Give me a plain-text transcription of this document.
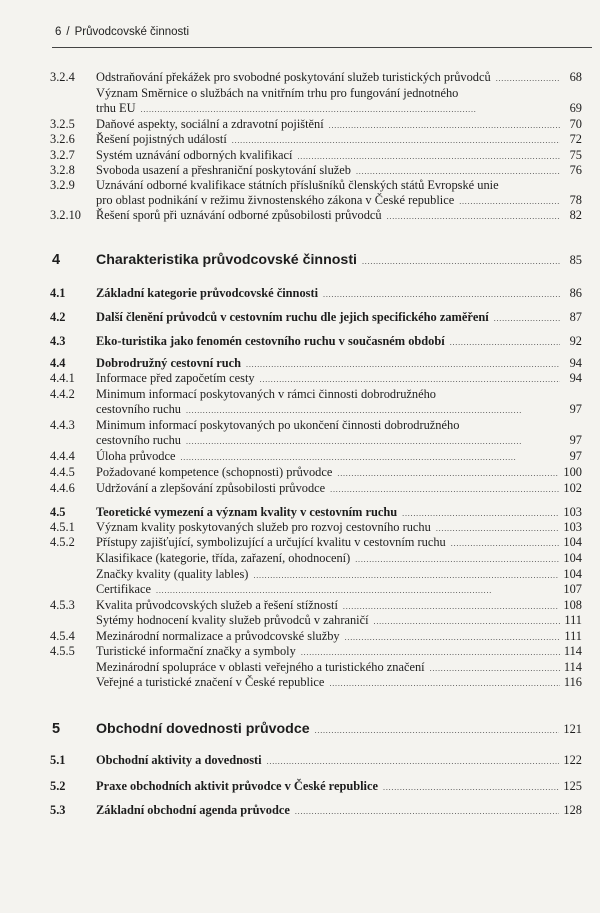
6 / Průvodcovské činnosti
3.2.4 Odstraňování překážek pro svobodné poskytování služeb turistických průvodců . . .	68
Význam Směrnice o službách na vnitřním trhu pro fungování jednotného
trhu EU . . .	69
3.2.5 Daňové aspekty, sociální a zdravotní pojištění . . .	70
3.2.6 Řešení pojistných událostí . . .	72
3.2.7 Systém uznávání odborných kvalifikací . . .	75
3.2.8 Svoboda usazení a přeshraniční poskytování služeb . . .	76
3.2.9 Uznávání odborné kvalifikace státních příslušníků členských států Evropské unie
pro oblast podnikání v režimu živnostenského zákona v České republice . . .	78
3.2.10 Řešení sporů při uznávání odborné způsobilosti průvodců . . .	82
4	Charakteristika průvodcovské činnosti . . .	85
4.1 Základní kategorie průvodcovské činnosti . . .	86
4.2 Další členění průvodců v cestovním ruchu dle jejich specifického zaměření . . .	87
4.3 Eko-turistika jako fenomén cestovního ruchu v současném období . . .	92
4.4 Dobrodružný cestovní ruch . . .	94
4.4.1 Informace před započetím cesty . . .	94
4.4.2 Minimum informací poskytovaných v rámci činnosti dobrodružného
cestovního ruchu . . .	97
4.4.3 Minimum informací poskytovaných po ukončení činnosti dobrodružného
cestovního ruchu . . .	97
4.4.4 Úloha průvodce . . .	97
4.4.5 Požadované kompetence (schopnosti) průvodce . . .	100
4.4.6 Udržování a zlepšování způsobilosti průvodce . . .	102
4.5 Teoretické vymezení a význam kvality v cestovním ruchu . . .	103
4.5.1 Význam kvality poskytovaných služeb pro rozvoj cestovního ruchu . . .	103
4.5.2 Přístupy zajišťující, symbolizující a určující kvalitu v cestovním ruchu . . .	104
Klasifikace (kategorie, třída, zařazení, ohodnocení) . . .	104
Značky kvality (quality lables) . . .	104
Certifikace . . .	107
4.5.3 Kvalita průvodcovských služeb a řešení stížností . . .	108
Sytémy hodnocení kvality služeb průvodců v zahraničí . . .	111
4.5.4 Mezinárodní normalizace a průvodcovské služby . . .	111
4.5.5 Turistické informační značky a symboly . . .	114
Mezinárodní spolupráce v oblasti veřejného a turistického značení . . .	114
Veřejné a turistické značení v České republice . . .	116
5	Obchodní dovednosti průvodce . . .	121
5.1 Obchodní aktivity a dovednosti . . .	122
5.2 Praxe obchodních aktivit průvodce v České republice . . .	125
5.3 Základní obchodní agenda průvodce . . .	128
